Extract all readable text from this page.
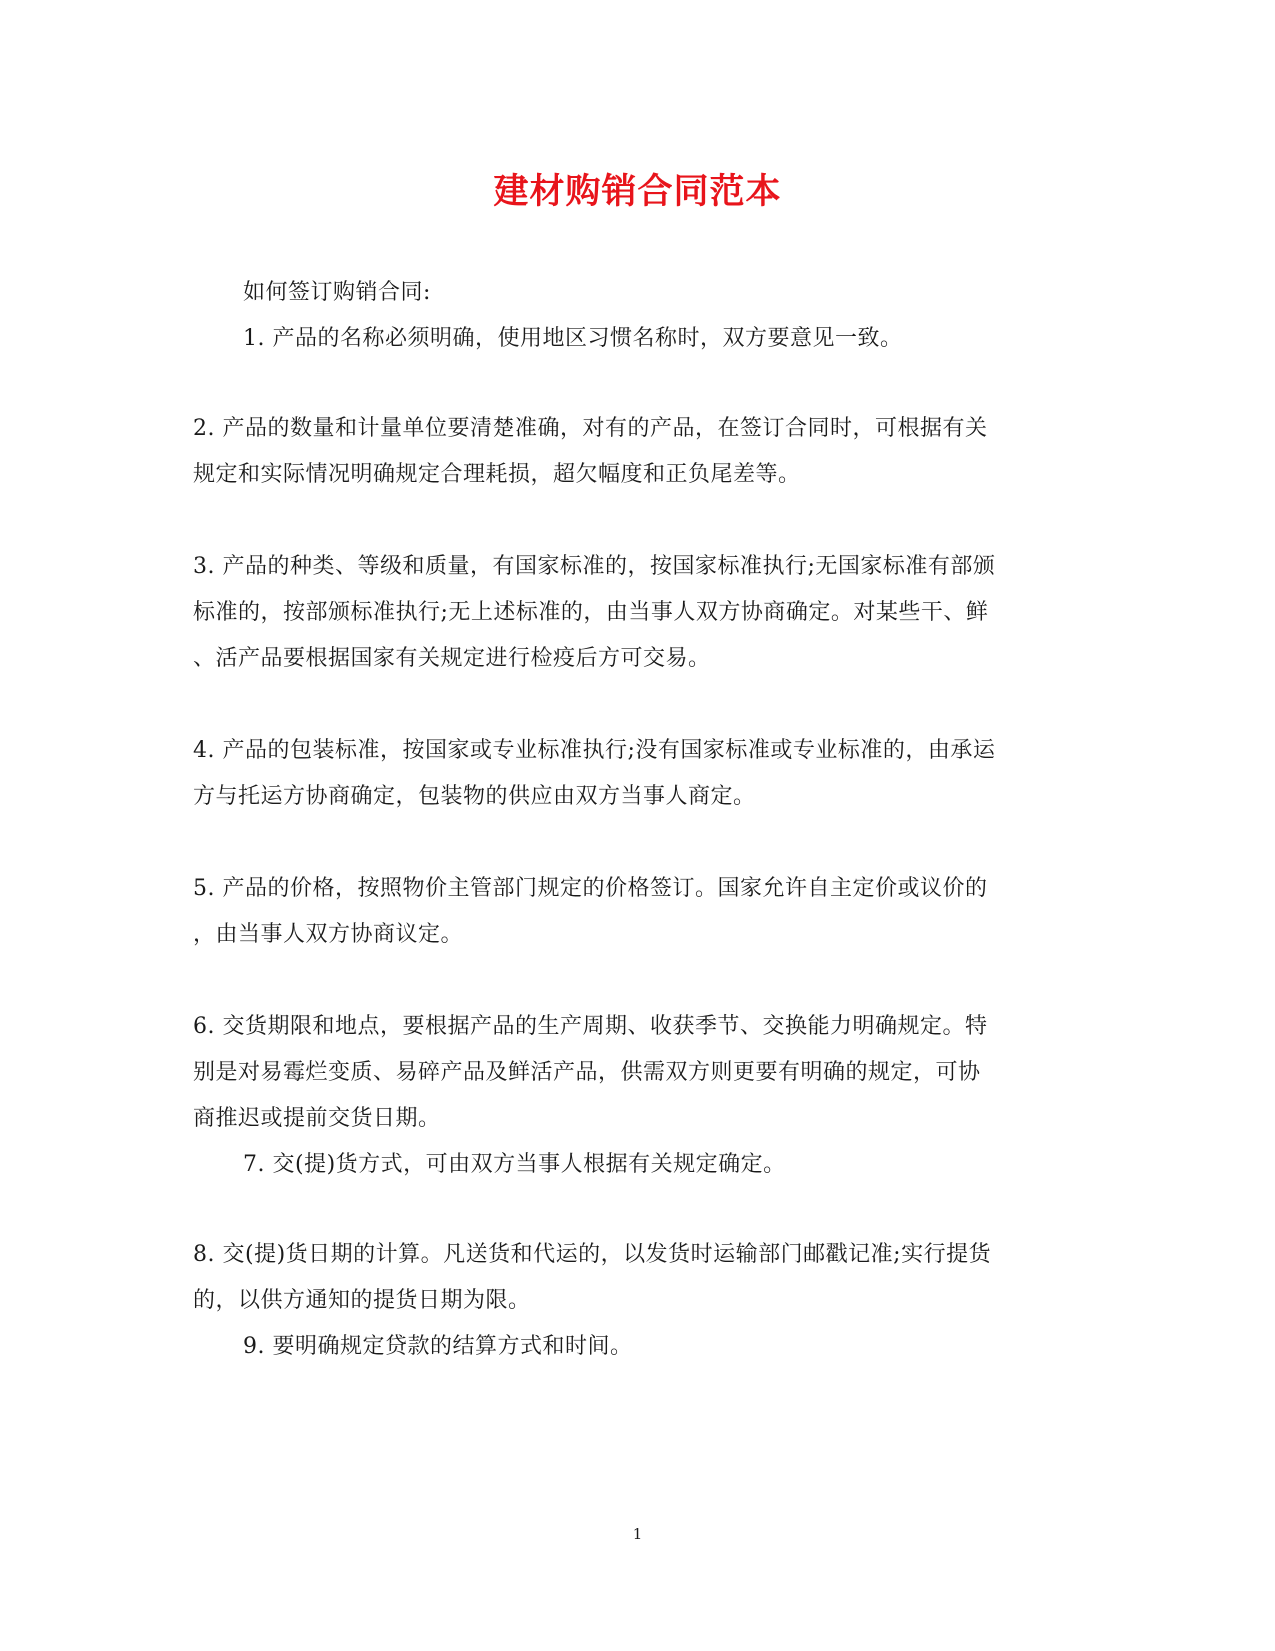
建材购销合同范本
如何签订购销合同:
1. 产品的名称必须明确，使用地区习惯名称时，双方要意见一致。
2. 产品的数量和计量单位要清楚准确，对有的产品，在签订合同时，可根据有关
规定和实际情况明确规定合理耗损，超欠幅度和正负尾差等。
3. 产品的种类、等级和质量，有国家标准的，按国家标准执行;无国家标准有部颁
标准的，按部颁标准执行;无上述标准的，由当事人双方协商确定。对某些干、鲜
、活产品要根据国家有关规定进行检疫后方可交易。
4. 产品的包装标准，按国家或专业标准执行;没有国家标准或专业标准的，由承运
方与托运方协商确定，包装物的供应由双方当事人商定。
5. 产品的价格，按照物价主管部门规定的价格签订。国家允许自主定价或议价的
，由当事人双方协商议定。
6. 交货期限和地点，要根据产品的生产周期、收获季节、交换能力明确规定。特
别是对易霉烂变质、易碎产品及鲜活产品，供需双方则更要有明确的规定，可协
商推迟或提前交货日期。
7. 交(提)货方式，可由双方当事人根据有关规定确定。
8. 交(提)货日期的计算。凡送货和代运的，以发货时运输部门邮戳记准;实行提货
的，以供方通知的提货日期为限。
9. 要明确规定贷款的结算方式和时间。
1
